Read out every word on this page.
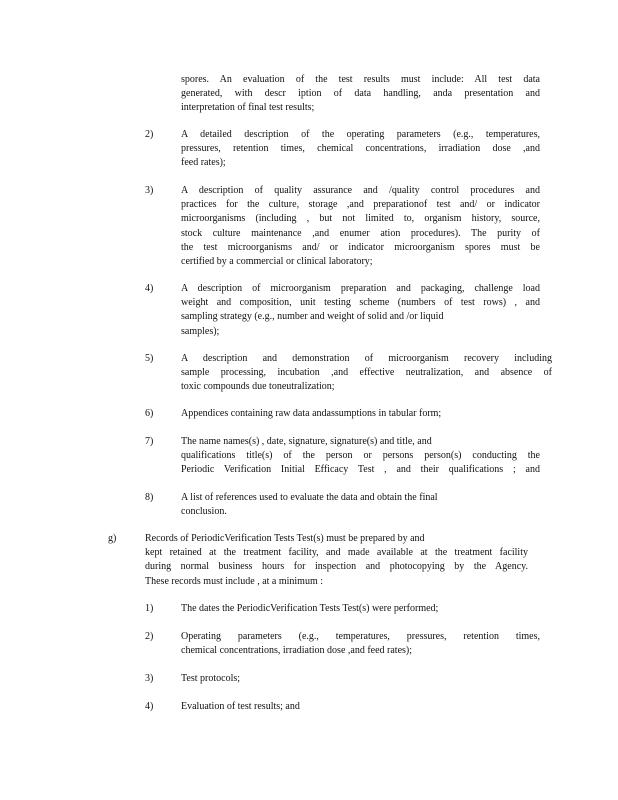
spores. An evaluation of the test results must include: All test data
generated, with descr iption of data handling, anda presentation and
interpretation of final test results;
2)	A detailed description of the operating parameters (e.g., temperatures,
pressures, retention times, chemical concentrations, irradiation dose ,and
feed rates);
3)	A description of quality assurance and /quality control procedures and
practices for the culture, storage ,and preparationof test and/ or indicator
microorganisms (including , but not limited to, organism history, source,
stock culture maintenance ,and enumer ation procedures). The purity of
the test microorganisms and/ or indicator microorganism spores must be
certified by a commercial or clinical laboratory;
4)	A description of microorganism preparation and packaging, challenge load
weight and composition, unit testing scheme (numbers of test rows) , and
sampling strategy (e.g., number and weight of solid and /or liquid
samples);
5)	A description and demonstration of microorganism recovery including
sample processing, incubation ,and effective neutralization, and absence of
toxic compounds due toneutralization;
6)	Appendices containing raw data andassumptions in tabular form;
7)	The name names(s) , date, signature, signature(s) and title, and
qualifications title(s) of the person or persons person(s) conducting the
Periodic Verification Initial Efficacy Test , and their qualifications ; and
8)	A list of references used to evaluate the data and obtain the final
conclusion.
g)	Records of PeriodicVerification Tests Test(s) must be prepared by and
kept retained at the treatment facility, and made available at the treatment facility
during normal business hours for inspection and photocopying by the Agency.
These records must include , at a minimum :
1)	The dates the PeriodicVerification Tests Test(s) were performed;
2)	Operating parameters (e.g., temperatures, pressures, retention times,
chemical concentrations, irradiation dose ,and feed rates);
3)	Test protocols;
4)	Evaluation of test results; and
